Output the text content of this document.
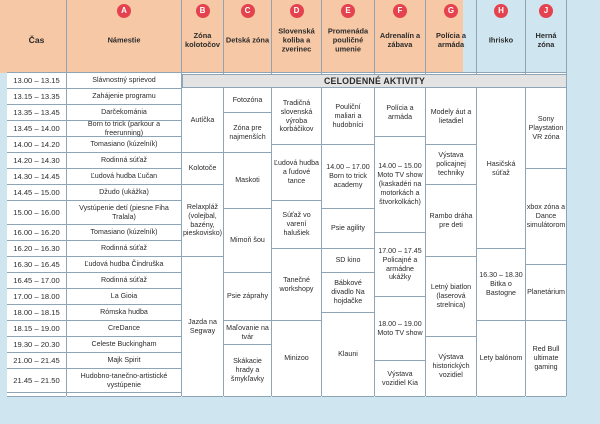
Čas
13.00 – 13.15
13.15 – 13.35
13.35 – 13.45
13.45 – 14.00
14.00 – 14.20
14.20 – 14.30
14.30 – 14.45
14.45 – 15.00
15.00 – 16.00
16.00 – 16.20
16.20 – 16.30
16.30 – 16.45
16.45 – 17.00
17.00 – 18.00
18.00 – 18.15
18.15 – 19.00
19.30 – 20.30
21.00 – 21.45
21.45 – 21.50
A
Námestie
Slávnostný sprievod
Zahájenie programu
Darčekománia
Born to trick (parkour a freerunning)
Tomasiano (kúzelník)
Rodinná súťaž
Ľudová hudba Ľučan
Džudo (ukážka)
Vystúpenie detí (piesne Fiha Tralala)
Tomasiano (kúzelník)
Rodinná súťaž
Ľudová hudba Čindruška
Rodinná súťaž
La Gioia
Rómska hudba
CreDance
Celeste Buckingham
Majk Spirit
Hudobno-tanečno-artistické vystúpenie
B
Zóna kolotočov
Autíčka
Kolotoče
Relaxpláž (volejbal, bazény, pieskovisko)
Jazda na Segway
C
Detská zóna
Fotozóna
Zóna pre najmenších
Maskoti
Mimoň šou
Psie záprahy
Maľovanie na tvár
Skákacie hrady a šmykľavky
D
Slovenská koliba a zverinec
Tradičná slovenská výroba korbáčikov
Ľudová hudba a ľudové tance
Súťaž vo varení halušiek
Tanečné workshopy
Minizoo
E
Promenáda pouličné umenie
Pouliční maliari a hudobníci
14.00 – 17.00 Born to trick academy
Psie agility
SD kino
Bábkové divadlo Na hojdačke
Klauni
F
Adrenalín a zábava
Polícia a armáda
14.00 – 15.00 Moto TV show (kaskadéri na motorkách a štvorkolkách)
17.00 – 17.45 Policajné a armádne ukážky
18.00 – 19.00 Moto TV show
Výstava vozidiel Kia
G
Polícia a armáda
Modely áut a lietadiel
Výstava policajnej techniky
Rambo dráha pre deti
Letný biatlon (laserová strelnica)
Výstava historických vozidiel
H
Ihrisko
Hasičská súťaž
16.30 – 18.30 Bitka o Bastogne
Lety balónom
J
Herná zóna
Sony Playstation VR zóna
xbox zóna a Dance simulátorom
Planetárium
Red Bull ultimate gaming
CELODENNÉ AKTIVITY
